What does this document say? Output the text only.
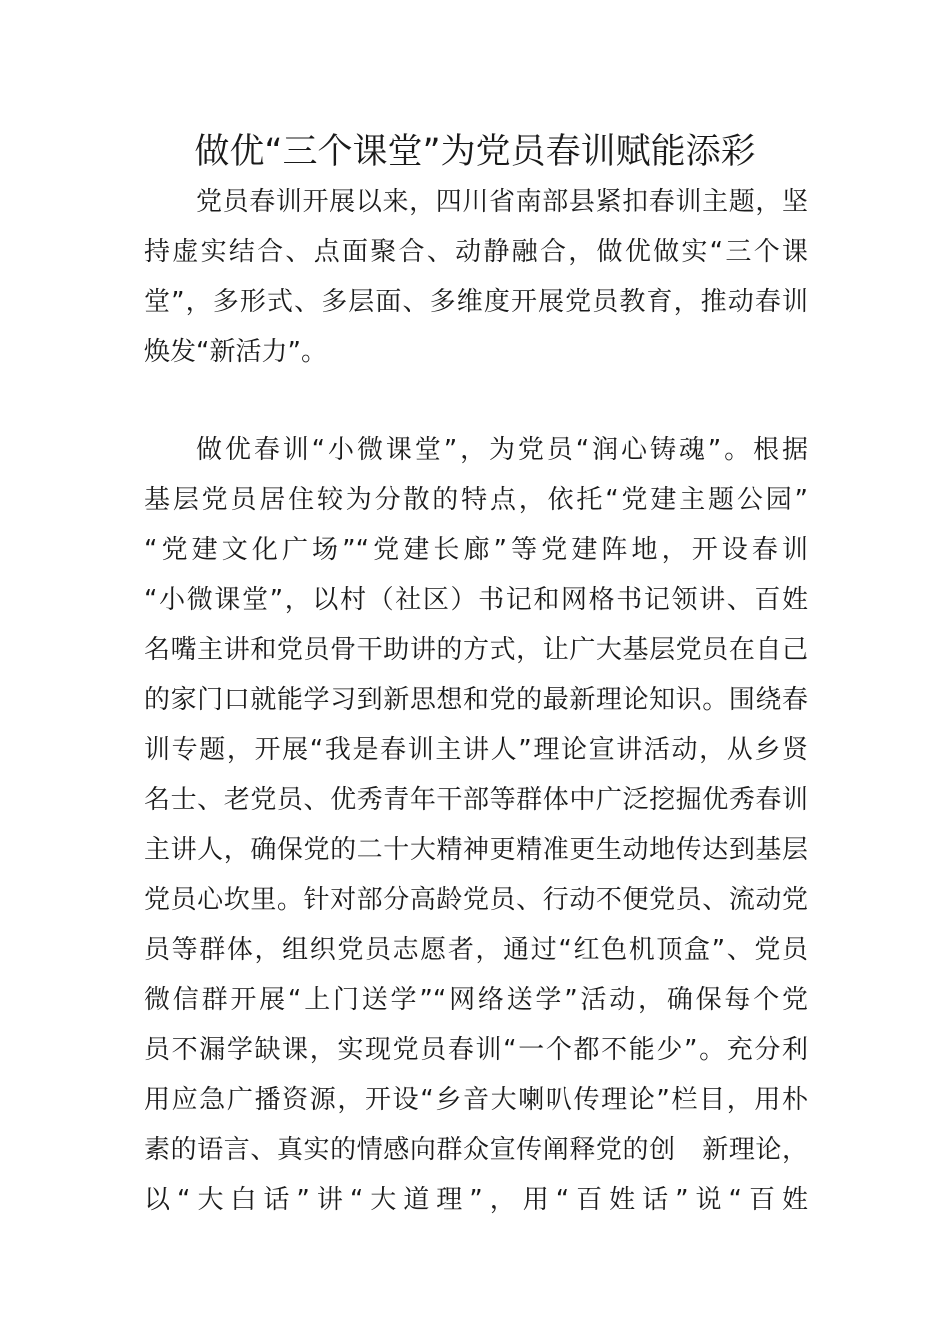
做优“三个课堂”为党员春训赋能添彩
党员春训开展以来，四川省南部县紧扣春训主题，坚
持虚实结合、点面聚合、动静融合，做优做实“三个课
堂”，多形式、多层面、多维度开展党员教育，推动春训
焕发“新活力”。
做优春训“小微课堂”，为党员“润心铸魂”。根据
基层党员居住较为分散的特点，依托“党建主题公园”
“党建文化广场”“党建长廊”等党建阵地，开设春训
“小微课堂”，以村（社区）书记和网格书记领讲、百姓
名嘴主讲和党员骨干助讲的方式，让广大基层党员在自己
的家门口就能学习到新思想和党的最新理论知识。围绕春
训专题，开展“我是春训主讲人”理论宣讲活动，从乡贤
名士、老党员、优秀青年干部等群体中广泛挖掘优秀春训
主讲人，确保党的二十大精神更精准更生动地传达到基层
党员心坎里。针对部分高龄党员、行动不便党员、流动党
员等群体，组织党员志愿者，通过“红色机顶盒”、党员
微信群开展“上门送学”“网络送学”活动，确保每个党
员不漏学缺课，实现党员春训“一个都不能少”。充分利
用应急广播资源，开设“乡音大喇叭传理论”栏目，用朴
素的语言、真实的情感向群众宣传阐释党的创　新理论，
以“大白话”讲“大道理”，用“百姓话”说“百姓
